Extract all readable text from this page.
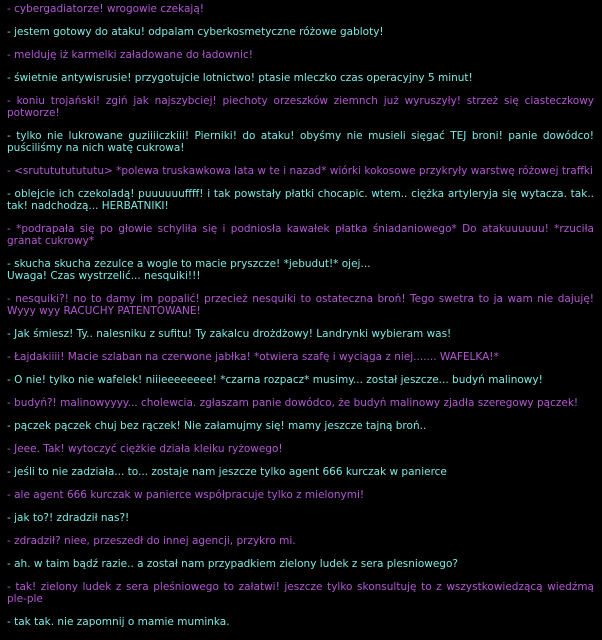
- cybergadiatorze! wrogowie czekają!
- jestem gotowy do ataku! odpalam cyberkosmetyczne różowe gabloty!
- melduję iż karmelki załadowane do ładownic!
- świetnie antywisrusie! przygotujcie lotnictwo! ptasie mleczko czas operacyjny 5 minut!
- koniu trojański! zgiń jak najszybciej! piechoty orzeszków ziemnch już wyruszyły! strzeż się ciasteczkowy potworze!
- tylko nie lukrowane guziiiiczkiii! Pierniki! do ataku! obyśmy nie musieli sięgać TEJ broni! panie dowódco! puściliśmy na nich watę cukrowa!
- <srututututututu> *polewa truskawkowa lata w te i nazad* wiórki kokosowe przykryły warstwę różowej traffki
- oblejcie ich czekoladą! puuuuuuffff! i tak powstały płatki chocapic. wtem.. ciężka artyleryja się wytacza. tak.. tak! nadchodzą... HERBATNIKI!
- *podrapała się po głowie schyliła się i podniosła kawałek płatka śniadaniowego* Do atakuuuuuu! *rzuciła granat cukrowy*
- skucha skucha zezulce a wogle to macie pryszcze! *jebudut!* ojej...
Uwaga! Czas wystrzelić... nesquiki!!!
- nesquiki?! no to damy im popalić! przecież nesquiki to ostateczna broń! Tego swetra to ja wam nie dajuję! Wyyy wyy RACUCHY PATENTOWANE!
- Jak śmiesz! Ty.. nalesniku z sufitu! Ty zakalcu drożdżowy! Landrynki wybieram was!
- Łajdakiiii! Macie szlaban na czerwone jabłka! *otwiera szafę i wyciąga z niej....... WAFELKA!*
- O nie! tylko nie wafelek! niiieeeeeeee! *czarna rozpacz* musimy... został jeszcze... budyń malinowy!
- budyń?! malinowyyyy... cholewcia. zgłaszam panie dowódco, że budyń malinowy zjadła szeregowy pączek!
- pączek pączek chuj bez rączek! Nie załamujmy się! mamy jeszcze tajną broń..
- Jeee. Tak! wytoczyć ciężkie działa kleiku ryżowego!
- jeśli to nie zadziała... to... zostaje nam jeszcze tylko agent 666 kurczak w panierce
- ale agent 666 kurczak w panierce współpracuje tylko z mielonymi!
- jak to?! zdradził nas?!
- zdradził? niee, przeszedł do innej agencji, przykro mi.
- ah. w taim bądź razie.. a został nam przypadkiem zielony ludek z sera plesniowego?
- tak! zielony ludek z sera pleśniowego to załatwi! jeszcze tylko skonsultuję to z wszystkowiedzącą wiedźmą ple-ple
- tak tak. nie zapomnij o mamie muminka.
